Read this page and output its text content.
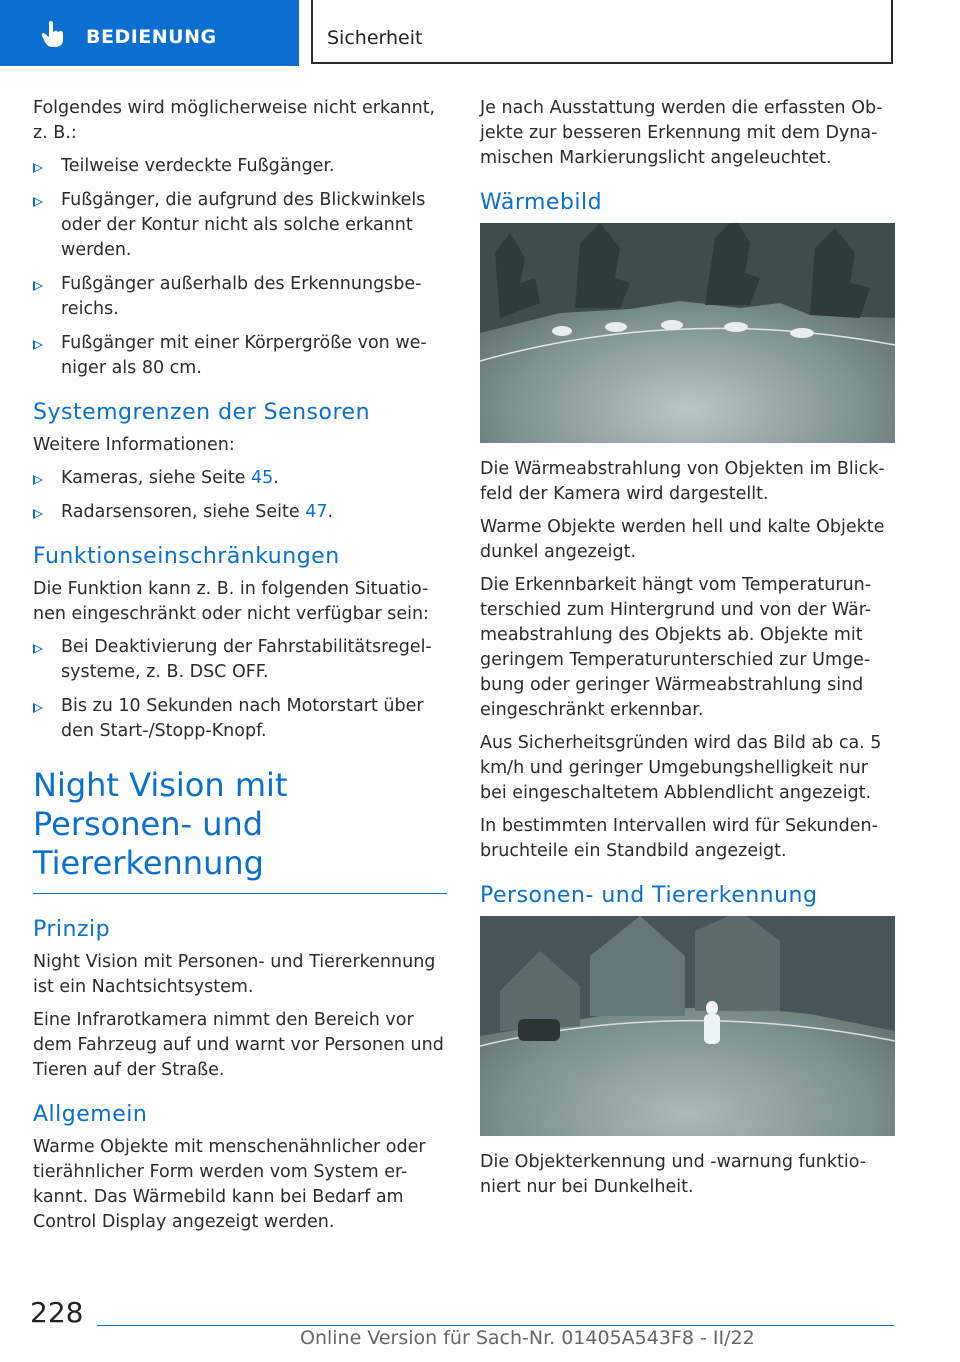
BEDIENUNG	Sicherheit

Folgendes wird möglicherweise nicht erkannt, z. B.:

Teilweise verdeckte Fußgänger.
Fußgänger, die aufgrund des Blickwinkels oder der Kontur nicht als solche erkannt werden.
Fußgänger außerhalb des Erkennungsbe-reichs.
Fußgänger mit einer Körpergröße von we-niger als 80 cm.
Systemgrenzen der Sensoren

Weitere Informationen:

Kameras, siehe Seite 45.
Radarsensoren, siehe Seite 47.
Funktionseinschränkungen

Die Funktion kann z. B. in folgenden Situatio-nen eingeschränkt oder nicht verfügbar sein:

Bei Deaktivierung der Fahrstabilitätsregel-systeme, z. B. DSC OFF.
Bis zu 10 Sekunden nach Motorstart über den Start-/Stopp-Knopf.
Night Vision mit Personen- und Tiererkennung
Prinzip

Night Vision mit Personen- und Tiererkennung ist ein Nachtsichtsystem.

Eine Infrarotkamera nimmt den Bereich vor dem Fahrzeug auf und warnt vor Personen und Tieren auf der Straße.

Allgemein

Warme Objekte mit menschenähnlicher oder tierähnlicher Form werden vom System er-kannt. Das Wärmebild kann bei Bedarf am Control Display angezeigt werden.

Je nach Ausstattung werden die erfassten Ob-jekte zur besseren Erkennung mit dem Dyna-mischen Markierungslicht angeleuchtet.

Wärmebild

Die Wärmeabstrahlung von Objekten im Blick-feld der Kamera wird dargestellt.

Warme Objekte werden hell und kalte Objekte dunkel angezeigt.

Die Erkennbarkeit hängt vom Temperaturun-terschied zum Hintergrund und von der Wär-meabstrahlung des Objekts ab. Objekte mit geringem Temperaturunterschied zur Umge-bung oder geringer Wärmeabstrahlung sind eingeschränkt erkennbar.

Aus Sicherheitsgründen wird das Bild ab ca. 5 km/h und geringer Umgebungshelligkeit nur bei eingeschaltetem Abblendlicht angezeigt.

In bestimmten Intervallen wird für Sekunden-bruchteile ein Standbild angezeigt.

Personen- und Tiererkennung

Die Objekterkennung und -warnung funktio-niert nur bei Dunkelheit.

228
Online Version für Sach-Nr. 01405A543F8 - II/22
